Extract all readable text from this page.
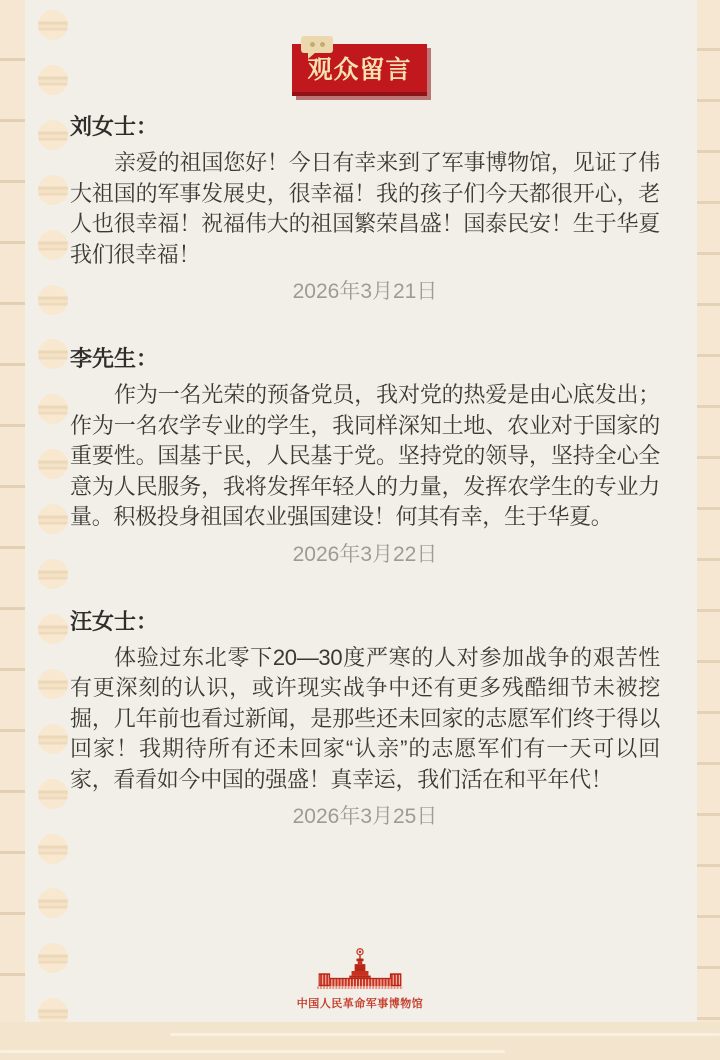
观众留言
刘女士：

亲爱的祖国您好！今日有幸来到了军事博物馆，见证了伟大祖国的军事发展史，很幸福！我的孩子们今天都很开心，老人也很幸福！祝福伟大的祖国繁荣昌盛！国泰民安！生于华夏我们很幸福！

2026年3月21日
李先生：

作为一名光荣的预备党员，我对党的热爱是由心底发出；作为一名农学专业的学生，我同样深知土地、农业对于国家的重要性。国基于民，人民基于党。坚持党的领导，坚持全心全意为人民服务，我将发挥年轻人的力量，发挥农学生的专业力量。积极投身祖国农业强国建设！何其有幸，生于华夏。

2026年3月22日
汪女士：

体验过东北零下20—30度严寒的人对参加战争的艰苦性有更深刻的认识，或许现实战争中还有更多残酷细节未被挖掘，几年前也看过新闻，是那些还未回家的志愿军们终于得以回家！我期待所有还未回家“认亲”的志愿军们有一天可以回家，看看如今中国的强盛！真幸运，我们活在和平年代！

2026年3月25日
中国人民革命军事博物馆
